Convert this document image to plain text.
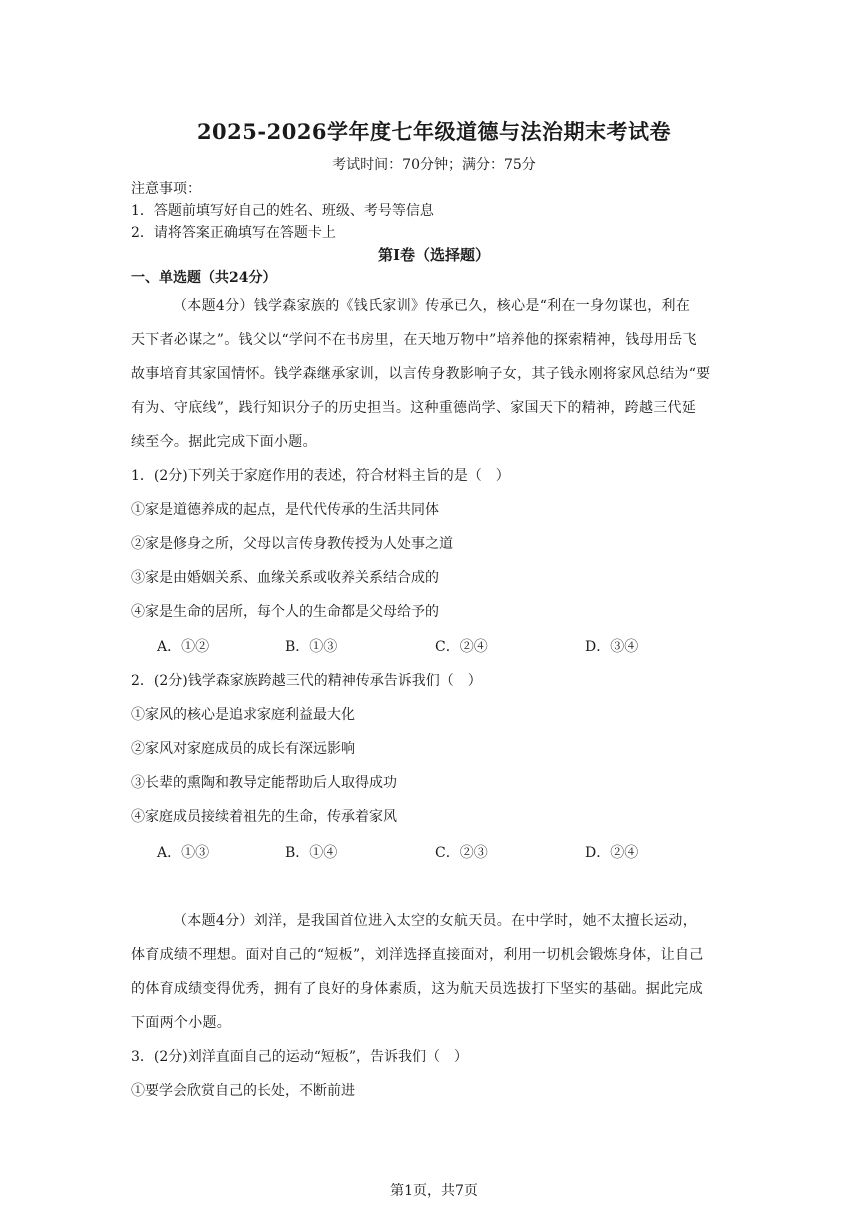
2025-2026学年度七年级道德与法治期末考试卷
考试时间：70分钟；满分：75分
注意事项：
1．答题前填写好自己的姓名、班级、考号等信息
2．请将答案正确填写在答题卡上
第I卷（选择题）
一、单选题（共24分）
（本题4分）钱学森家族的《钱氏家训》传承已久，核心是“利在一身勿谋也，利在
天下者必谋之”。钱父以“学问不在书房里，在天地万物中”培养他的探索精神，钱母用岳飞
故事培育其家国情怀。钱学森继承家训，以言传身教影响子女，其子钱永刚将家风总结为“要
有为、守底线”，践行知识分子的历史担当。这种重德尚学、家国天下的精神，跨越三代延
续至今。据此完成下面小题。
1．(2分)下列关于家庭作用的表述，符合材料主旨的是（　）
①家是道德养成的起点，是代代传承的生活共同体
②家是修身之所，父母以言传身教传授为人处事之道
③家是由婚姻关系、血缘关系或收养关系结合成的
④家是生命的居所，每个人的生命都是父母给予的
A．①②	B．①③	C．②④	D．③④
2．(2分)钱学森家族跨越三代的精神传承告诉我们（　）
①家风的核心是追求家庭利益最大化
②家风对家庭成员的成长有深远影响
③长辈的熏陶和教导定能帮助后人取得成功
④家庭成员接续着祖先的生命，传承着家风
A．①③	B．①④	C．②③	D．②④
（本题4分）刘洋，是我国首位进入太空的女航天员。在中学时，她不太擅长运动，
体育成绩不理想。面对自己的“短板”，刘洋选择直接面对，利用一切机会锻炼身体，让自己
的体育成绩变得优秀，拥有了良好的身体素质，这为航天员选拔打下坚实的基础。据此完成
下面两个小题。
3．(2分)刘洋直面自己的运动“短板”，告诉我们（　）
①要学会欣赏自己的长处，不断前进
第1页，共7页
